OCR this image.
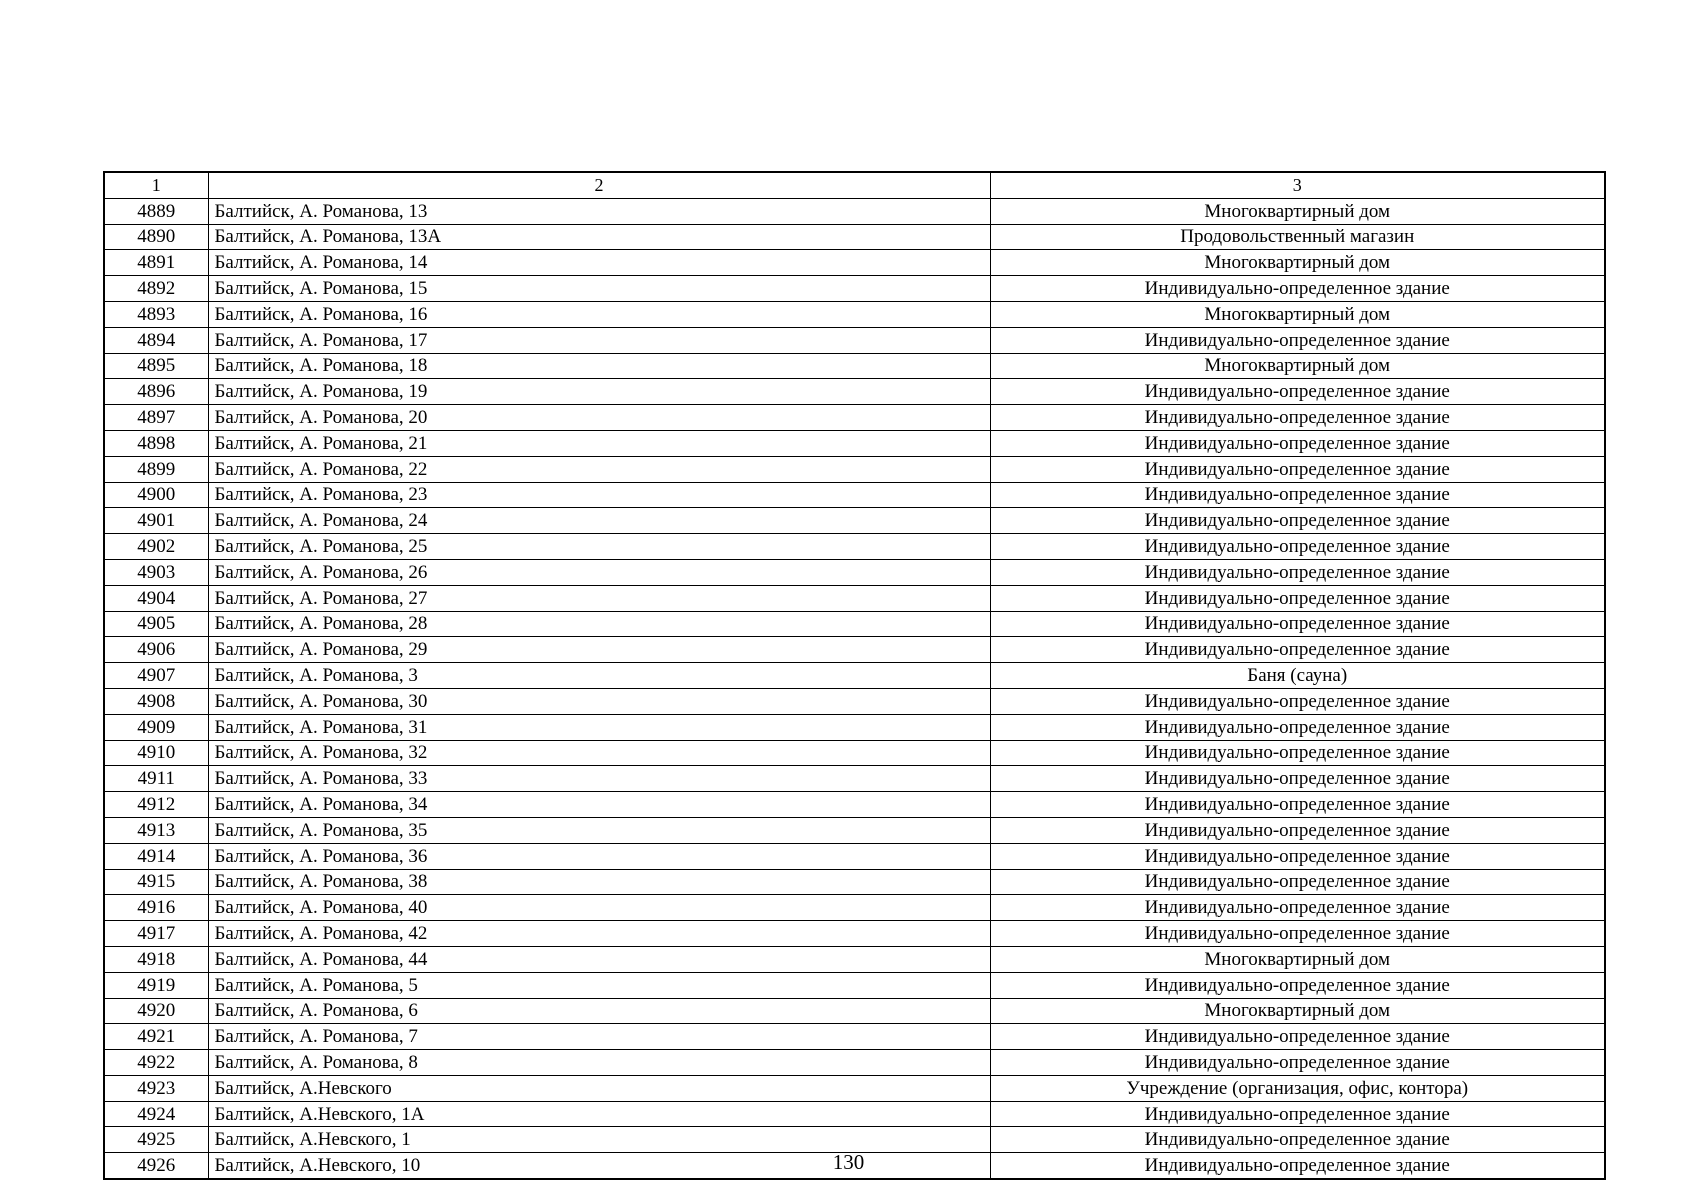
1	2	3
4889	Балтийск, А. Романова, 13	Многоквартирный дом
4890	Балтийск, А. Романова, 13А	Продовольственный магазин
4891	Балтийск, А. Романова, 14	Многоквартирный дом
4892	Балтийск, А. Романова, 15	Индивидуально-определенное здание
4893	Балтийск, А. Романова, 16	Многоквартирный дом
4894	Балтийск, А. Романова, 17	Индивидуально-определенное здание
4895	Балтийск, А. Романова, 18	Многоквартирный дом
4896	Балтийск, А. Романова, 19	Индивидуально-определенное здание
4897	Балтийск, А. Романова, 20	Индивидуально-определенное здание
4898	Балтийск, А. Романова, 21	Индивидуально-определенное здание
4899	Балтийск, А. Романова, 22	Индивидуально-определенное здание
4900	Балтийск, А. Романова, 23	Индивидуально-определенное здание
4901	Балтийск, А. Романова, 24	Индивидуально-определенное здание
4902	Балтийск, А. Романова, 25	Индивидуально-определенное здание
4903	Балтийск, А. Романова, 26	Индивидуально-определенное здание
4904	Балтийск, А. Романова, 27	Индивидуально-определенное здание
4905	Балтийск, А. Романова, 28	Индивидуально-определенное здание
4906	Балтийск, А. Романова, 29	Индивидуально-определенное здание
4907	Балтийск, А. Романова, 3	Баня (сауна)
4908	Балтийск, А. Романова, 30	Индивидуально-определенное здание
4909	Балтийск, А. Романова, 31	Индивидуально-определенное здание
4910	Балтийск, А. Романова, 32	Индивидуально-определенное здание
4911	Балтийск, А. Романова, 33	Индивидуально-определенное здание
4912	Балтийск, А. Романова, 34	Индивидуально-определенное здание
4913	Балтийск, А. Романова, 35	Индивидуально-определенное здание
4914	Балтийск, А. Романова, 36	Индивидуально-определенное здание
4915	Балтийск, А. Романова, 38	Индивидуально-определенное здание
4916	Балтийск, А. Романова, 40	Индивидуально-определенное здание
4917	Балтийск, А. Романова, 42	Индивидуально-определенное здание
4918	Балтийск, А. Романова, 44	Многоквартирный дом
4919	Балтийск, А. Романова, 5	Индивидуально-определенное здание
4920	Балтийск, А. Романова, 6	Многоквартирный дом
4921	Балтийск, А. Романова, 7	Индивидуально-определенное здание
4922	Балтийск, А. Романова, 8	Индивидуально-определенное здание
4923	Балтийск, А.Невского	Учреждение (организация, офис, контора)
4924	Балтийск, А.Невского, 1А	Индивидуально-определенное здание
4925	Балтийск, А.Невского, 1	Индивидуально-определенное здание
4926	Балтийск, А.Невского, 10	Индивидуально-определенное здание
130
